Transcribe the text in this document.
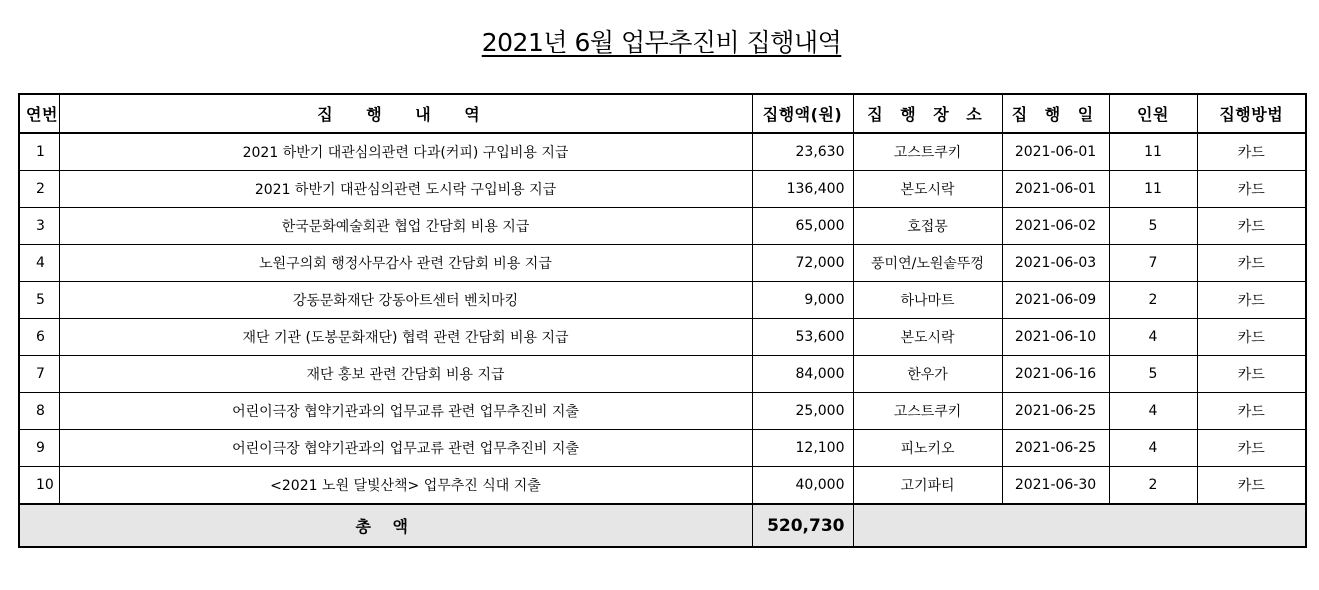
2021년 6월 업무추진비 집행내역
연번	집 행 내 역	집행액(원)	집 행 장 소	집 행 일	인원	집행방법
1	2021 하반기 대관심의관련 다과(커피) 구입비용 지급	23,630	고스트쿠키	2021-06-01	11	카드
2	2021 하반기 대관심의관련 도시락 구입비용 지급	136,400	본도시락	2021-06-01	11	카드
3	한국문화예술회관 협업 간담회 비용 지급	65,000	호접몽	2021-06-02	5	카드
4	노원구의회 행정사무감사 관련 간담회 비용 지급	72,000	풍미연/노원솥뚜껑	2021-06-03	7	카드
5	강동문화재단 강동아트센터 벤치마킹	9,000	하나마트	2021-06-09	2	카드
6	재단 기관 (도봉문화재단) 협력 관련 간담회 비용 지급	53,600	본도시락	2021-06-10	4	카드
7	재단 홍보 관련 간담회 비용 지급	84,000	한우가	2021-06-16	5	카드
8	어린이극장 협약기관과의 업무교류 관련 업무추진비 지출	25,000	고스트쿠키	2021-06-25	4	카드
9	어린이극장 협약기관과의 업무교류 관련 업무추진비 지출	12,100	피노키오	2021-06-25	4	카드
10	<2021 노원 달빛산책> 업무추진 식대 지출	40,000	고기파티	2021-06-30	2	카드
총 액		520,730				
